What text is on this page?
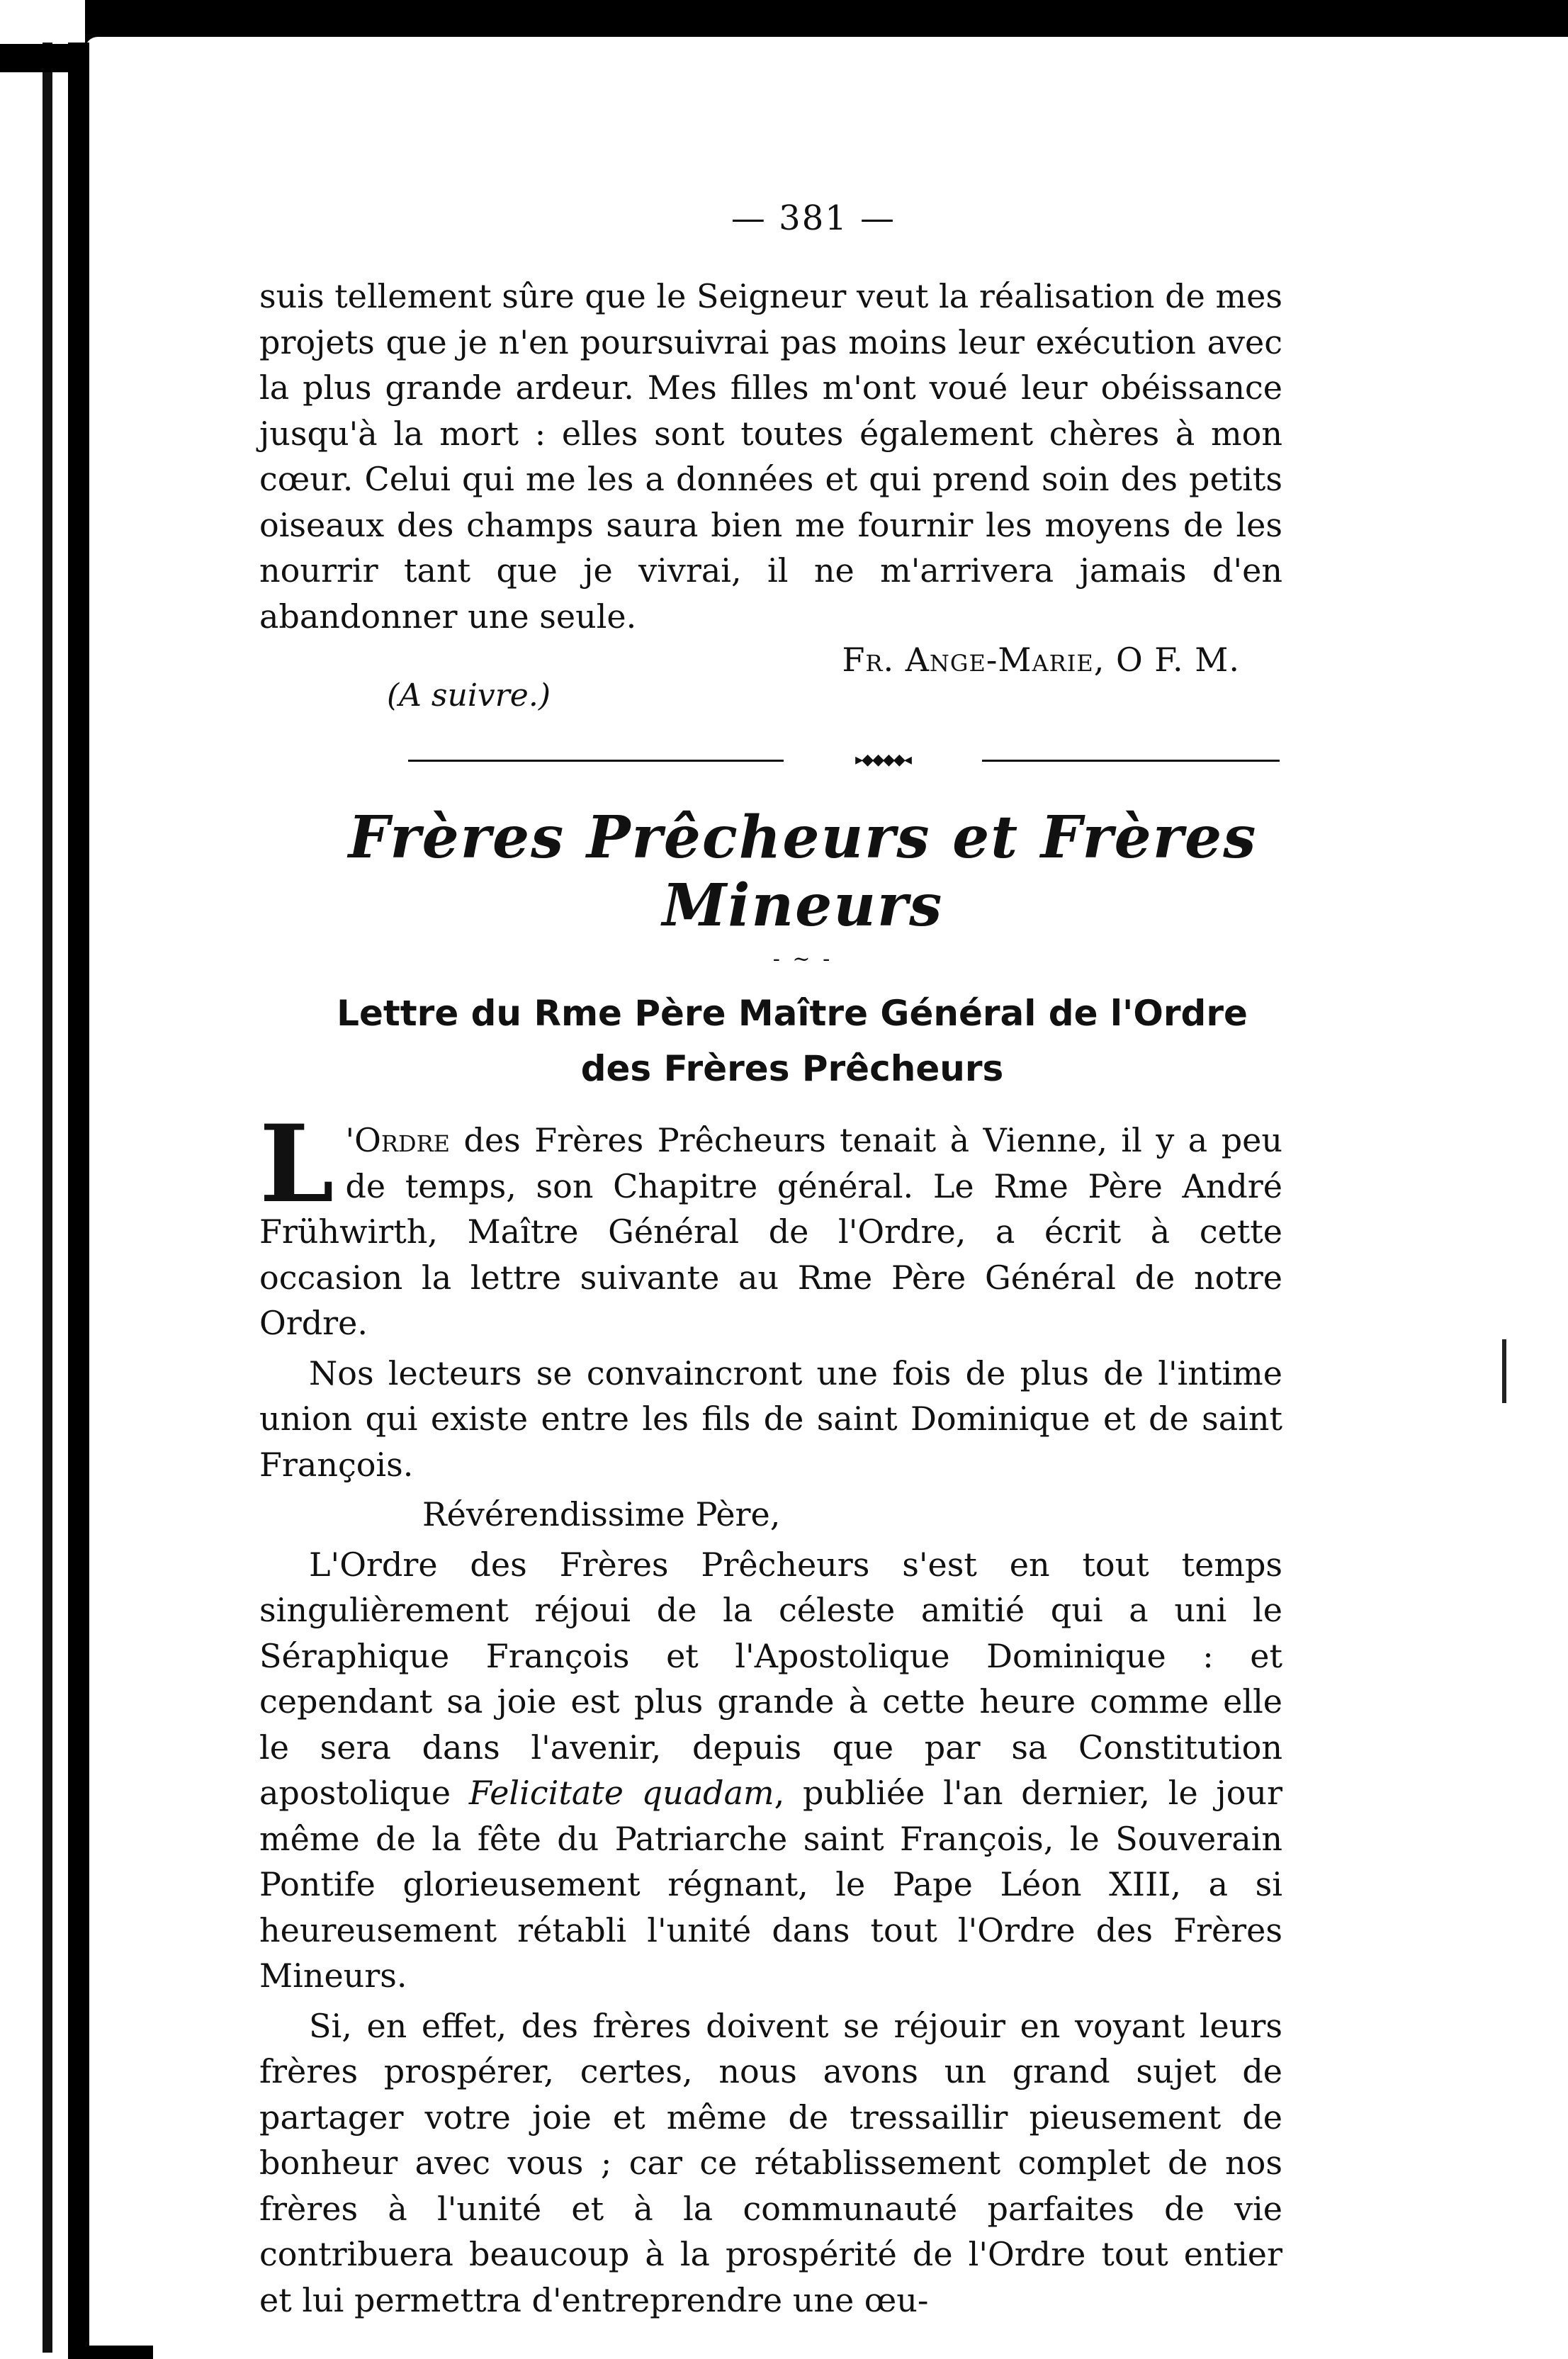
— 381 —

suis tellement sûre que le Seigneur veut la réalisation de mes projets que je n'en poursuivrai pas moins leur exécution avec la plus grande ardeur. Mes filles m'ont voué leur obéissance jusqu'à la mort : elles sont toutes également chères à mon cœur. Celui qui me les a données et qui prend soin des petits oiseaux des champs saura bien me fournir les moyens de les nourrir tant que je vivrai, il ne m'arrivera jamais d'en abandonner une seule.

Fr. Ange-Marie, O F. M.
(A suivre.)
▸◆◆◆◆◂
Frères Prêcheurs et Frères Mineurs
- ~ -
Lettre du Rme Père Maître Général de l'Ordre
des Frères Prêcheurs

L 'Ordre des Frères Prêcheurs tenait à Vienne, il y a peu de temps, son Chapitre général. Le Rme Père André Frühwirth, Maître Général de l'Ordre, a écrit à cette occasion la lettre suivante au Rme Père Général de notre Ordre.

Nos lecteurs se convaincront une fois de plus de l'intime union qui existe entre les fils de saint Dominique et de saint François.

Révérendissime Père,

L'Ordre des Frères Prêcheurs s'est en tout temps singulièrement réjoui de la céleste amitié qui a uni le Séraphique François et l'Apostolique Dominique : et cependant sa joie est plus grande à cette heure comme elle le sera dans l'avenir, depuis que par sa Constitution apostolique Felicitate quadam, publiée l'an dernier, le jour même de la fête du Patriarche saint François, le Souverain Pontife glorieusement régnant, le Pape Léon XIII, a si heureusement rétabli l'unité dans tout l'Ordre des Frères Mineurs.

Si, en effet, des frères doivent se réjouir en voyant leurs frères prospérer, certes, nous avons un grand sujet de partager votre joie et même de tressaillir pieusement de bonheur avec vous ; car ce rétablissement complet de nos frères à l'unité et à la communauté parfaites de vie contribuera beaucoup à la prospérité de l'Ordre tout entier et lui permettra d'entreprendre une œu-
